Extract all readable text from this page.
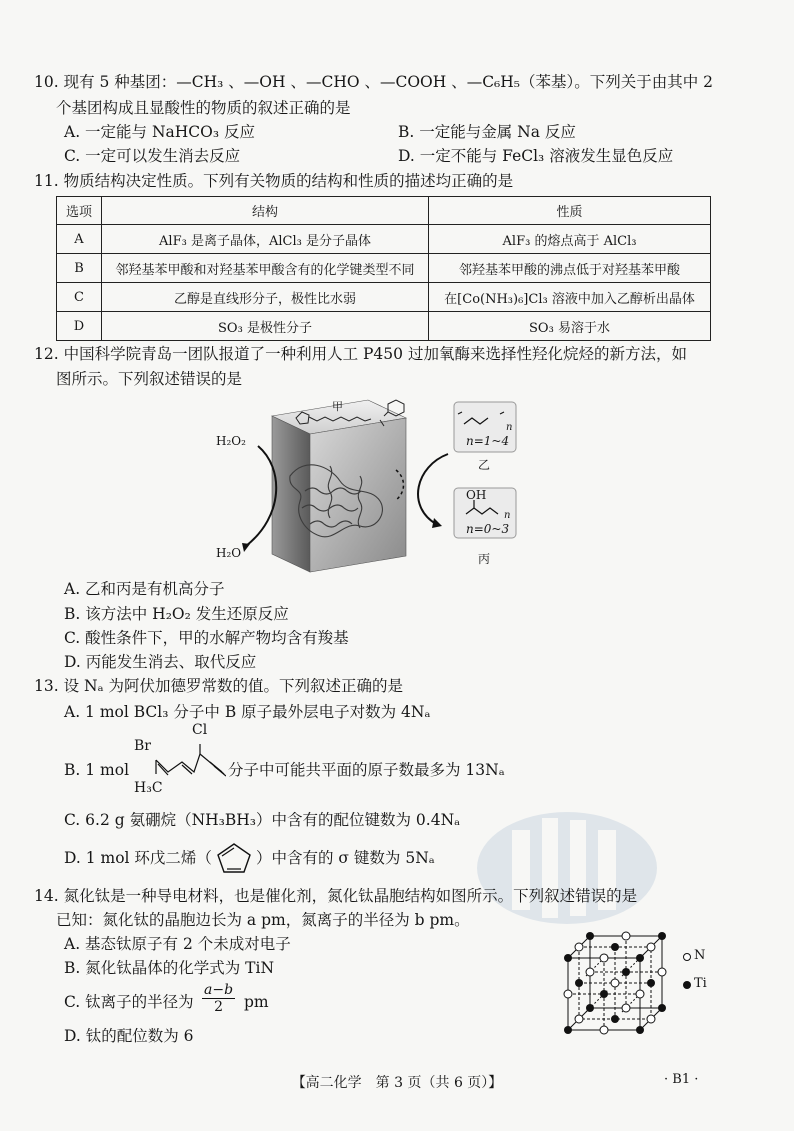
10. 现有 5 种基团：—CH₃ 、—OH 、—CHO 、—COOH 、—C₆H₅（苯基）。下列关于由其中 2
个基团构成且显酸性的物质的叙述正确的是
A. 一定能与 NaHCO₃ 反应	B. 一定能与金属 Na 反应
C. 一定可以发生消去反应	D. 一定不能与 FeCl₃ 溶液发生显色反应
11. 物质结构决定性质。下列有关物质的结构和性质的描述均正确的是
选项	结构	性质
A	AlF₃ 是离子晶体，AlCl₃ 是分子晶体	AlF₃ 的熔点高于 AlCl₃
B	邻羟基苯甲酸和对羟基苯甲酸含有的化学键类型不同	邻羟基苯甲酸的沸点低于对羟基苯甲酸
C	乙醇是直线形分子，极性比水弱	在[Co(NH₃)₆]Cl₃ 溶液中加入乙醇析出晶体
D	SO₃ 是极性分子	SO₃ 易溶于水
12. 中国科学院青岛一团队报道了一种利用人工 P450 过加氧酶来选择性羟化烷烃的新方法，如
图所示。下列叙述错误的是
H₂O₂
H₂O
甲
n
n=1~4
乙
OH
n
n=0~3
丙
A. 乙和丙是有机高分子
B. 该方法中 H₂O₂ 发生还原反应
C. 酸性条件下，甲的水解产物均含有羧基
D. 丙能发生消去、取代反应
13. 设 Nₐ 为阿伏加德罗常数的值。下列叙述正确的是
A. 1 mol BCl₃ 分子中 B 原子最外层电子对数为 4Nₐ
B. 1 mol
Br
Cl
H₃C
分子中可能共平面的原子数最多为 13Nₐ
C. 6.2 g 氨硼烷（NH₃BH₃）中含有的配位键数为 0.4Nₐ
D. 1 mol 环戊二烯（	）中含有的 σ 键数为 5Nₐ
14. 氮化钛是一种导电材料，也是催化剂，氮化钛晶胞结构如图所示。下列叙述错误的是
已知：氮化钛的晶胞边长为 a pm，氮离子的半径为 b pm。
A. 基态钛原子有 2 个未成对电子
B. 氮化钛晶体的化学式为 TiN
C. 钛离子的半径为 $\frac{a-b}{2}$ pm
D. 钛的配位数为 6
N
Ti
【高二化学　第 3 页（共 6 页）】	· B1 ·
